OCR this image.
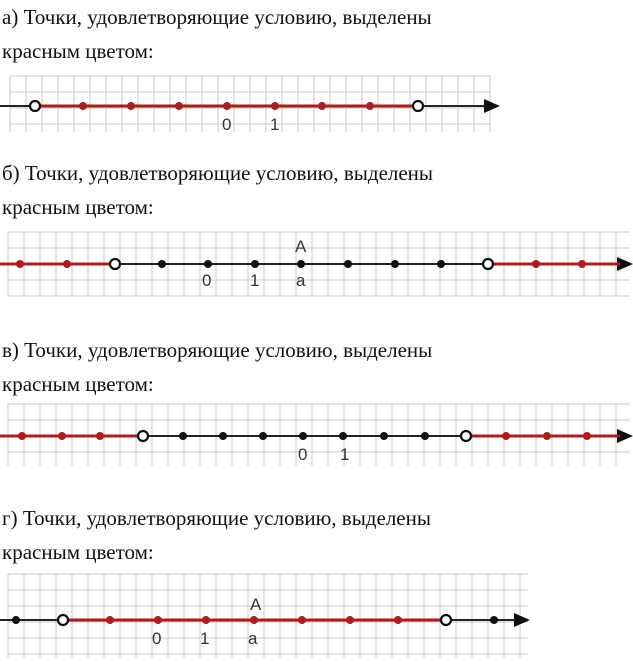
а) Точки, удовлетворяющие условию, выделены
красным цветом:
0 1
б) Точки, удовлетворяющие условию, выделены
красным цветом:
А
0 1 a
в) Точки, удовлетворяющие условию, выделены
красным цветом:
0 1
г) Точки, удовлетворяющие условию, выделены
красным цветом:
А
0 1 a
